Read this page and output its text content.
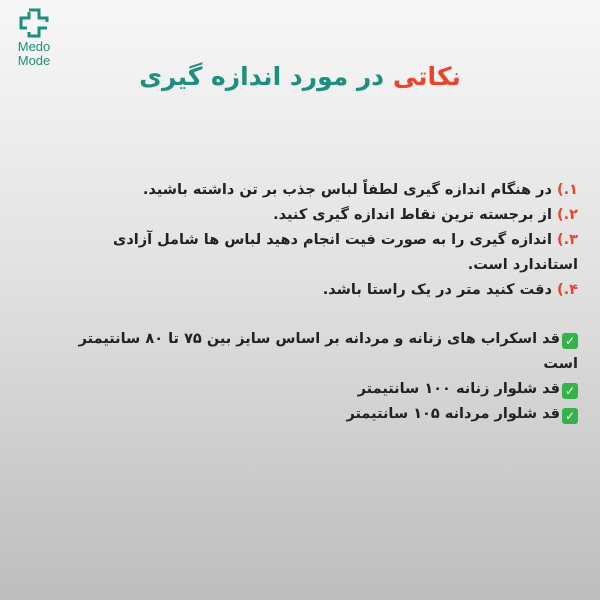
Medo
Mode
نکاتی در مورد اندازه گیری

۱.) در هنگام اندازه گیری لطفاً لباس جذب بر تن داشته باشید.

۲.) از برجسته ترین نقاط اندازه گیری کنید.

۳.) اندازه گیری را به صورت فیت انجام دهید لباس ها شامل آزادی استاندارد است.

۴.) دقت کنید متر در یک راستا باشد.

✓قد اسکراب های زنانه و مردانه بر اساس سایز بین ۷۵ تا ۸۰ سانتیمتر است

✓قد شلوار زنانه ۱۰۰ سانتیمتر

✓قد شلوار مردانه ۱۰۵ سانتیمتر
